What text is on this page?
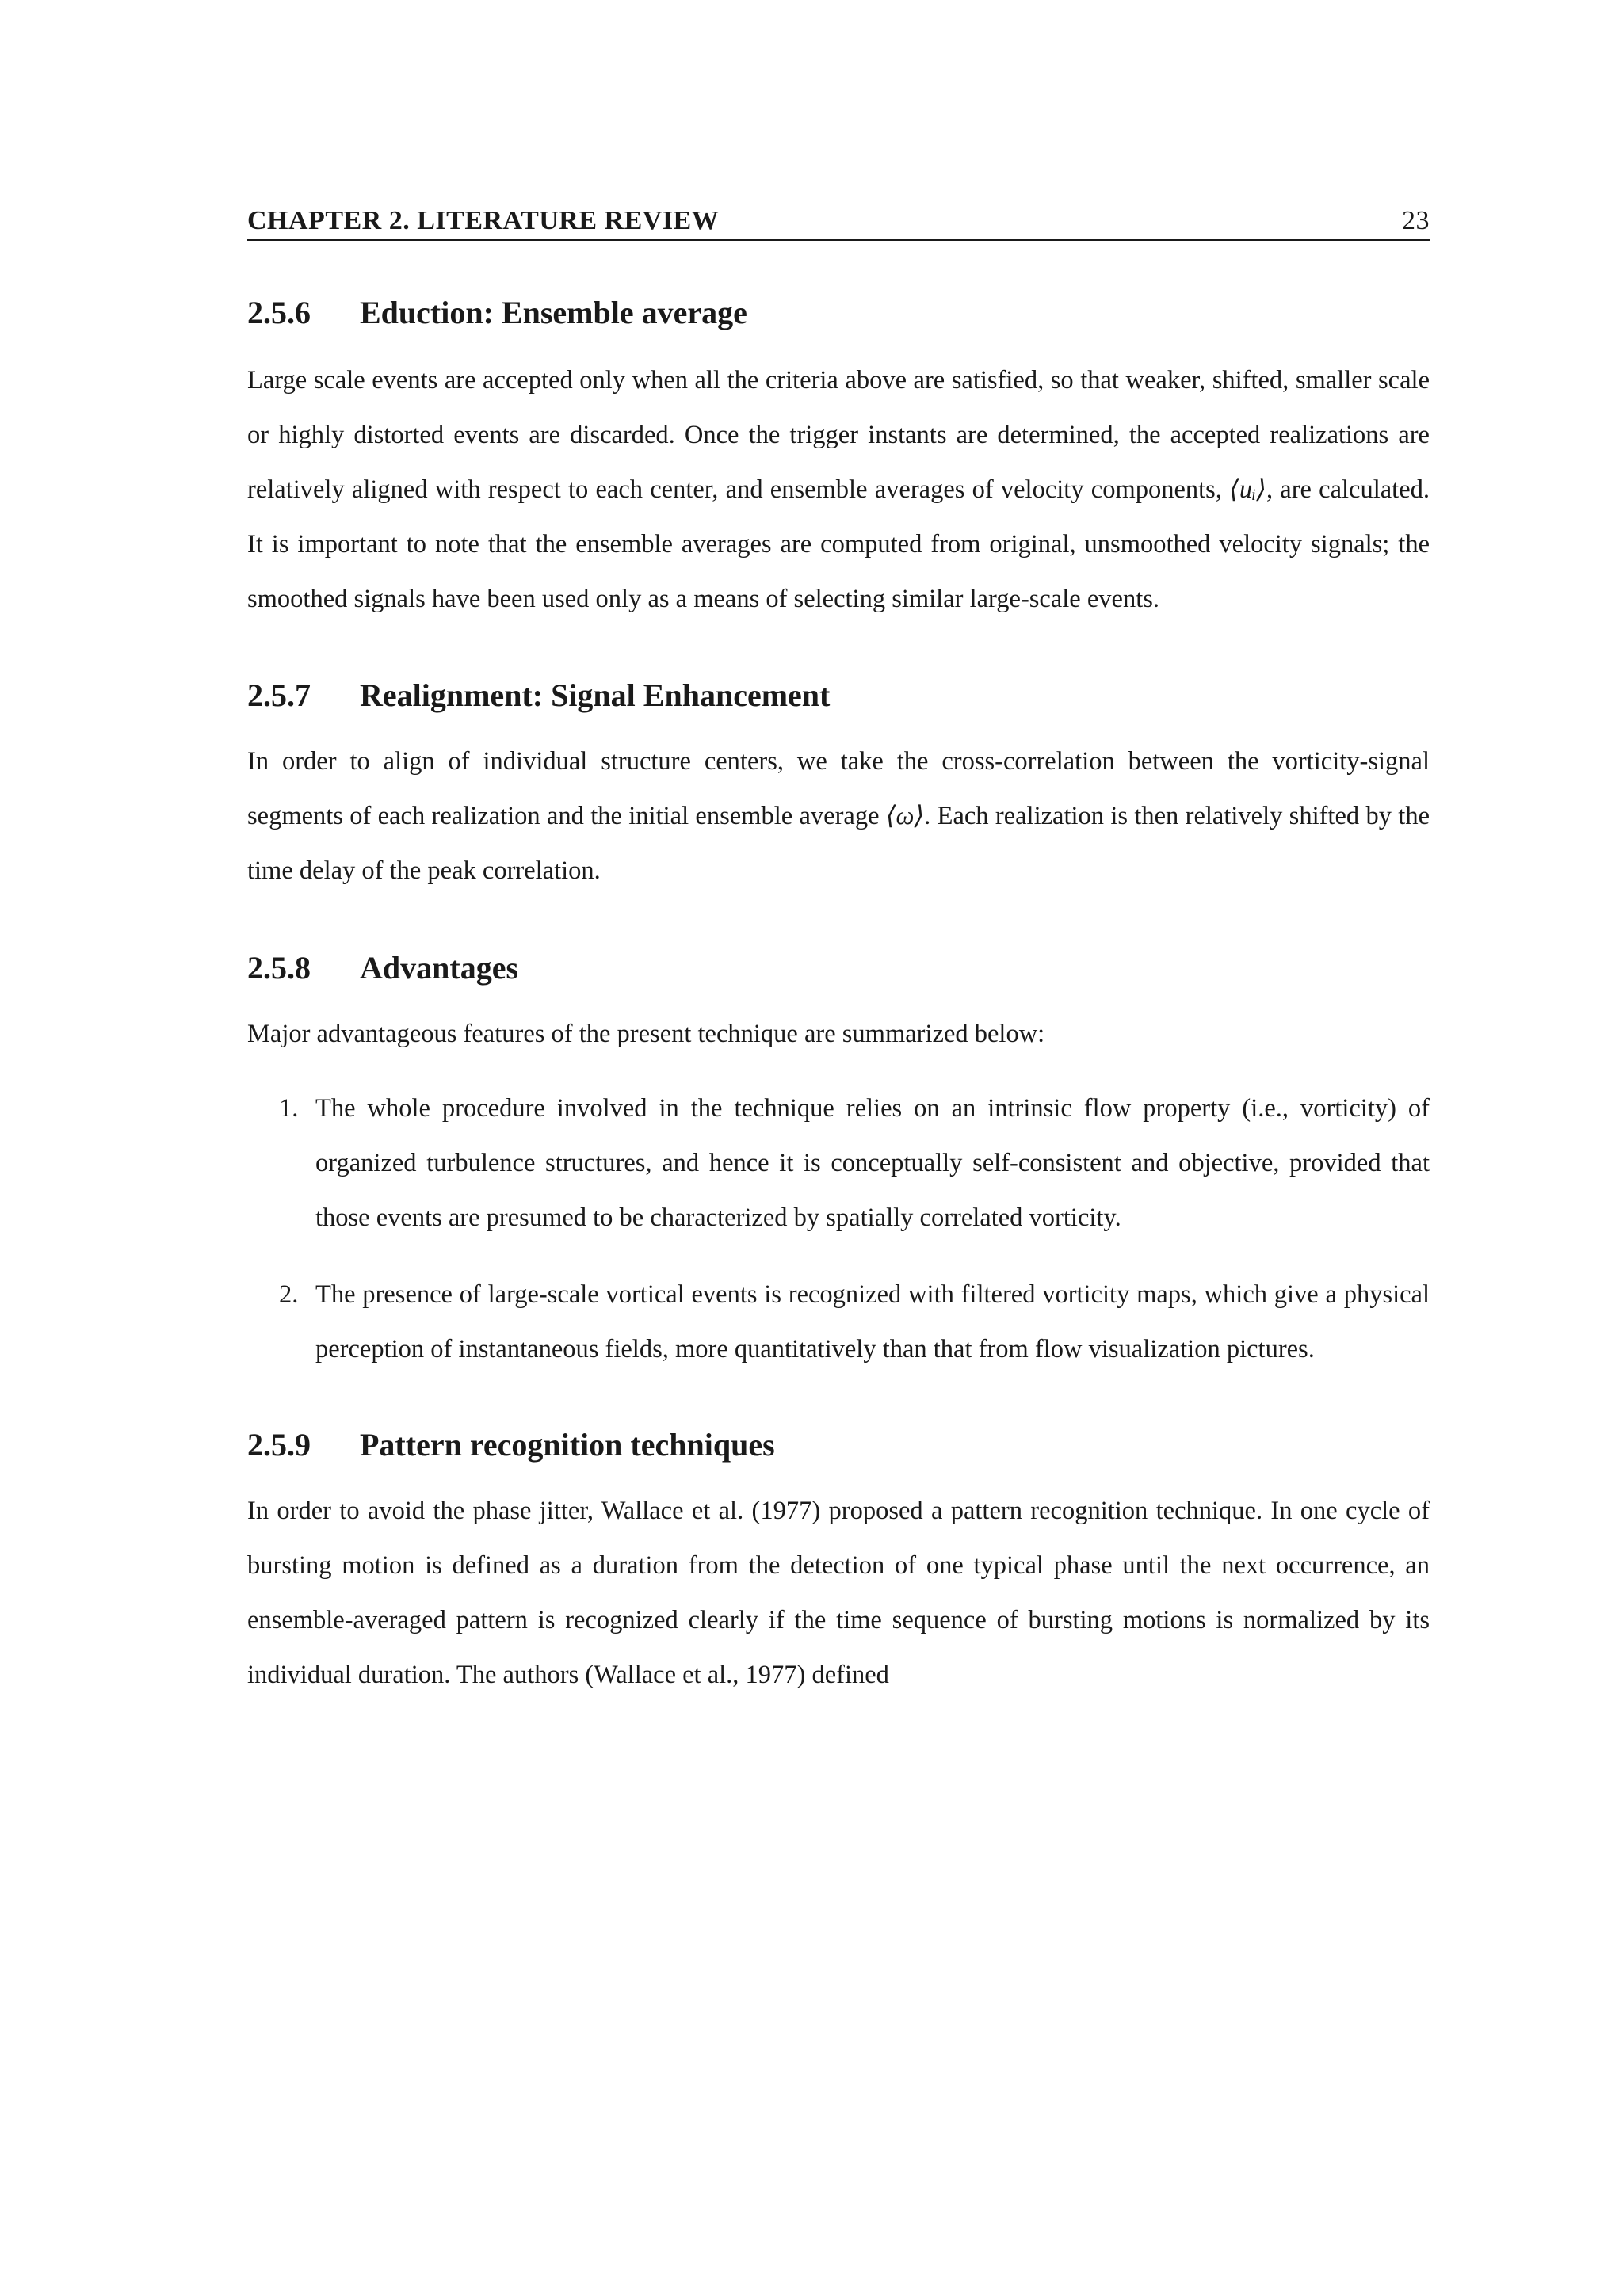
CHAPTER 2. LITERATURE REVIEW	23
2.5.6 Eduction: Ensemble average

Large scale events are accepted only when all the criteria above are satisfied, so that weaker, shifted, smaller scale or highly distorted events are discarded. Once the trigger instants are determined, the accepted realizations are relatively aligned with respect to each center, and ensemble averages of velocity components, ⟨uᵢ⟩, are calculated. It is important to note that the ensemble averages are computed from original, unsmoothed velocity signals; the smoothed signals have been used only as a means of selecting similar large-scale events.

2.5.7 Realignment: Signal Enhancement

In order to align of individual structure centers, we take the cross-correlation between the vorticity-signal segments of each realization and the initial ensemble average ⟨ω⟩. Each realization is then relatively shifted by the time delay of the peak correlation.

2.5.8 Advantages

Major advantageous features of the present technique are summarized below:

1. The whole procedure involved in the technique relies on an intrinsic flow property (i.e., vorticity) of organized turbulence structures, and hence it is conceptually self-consistent and objective, provided that those events are presumed to be characterized by spatially correlated vorticity.
2. The presence of large-scale vortical events is recognized with filtered vorticity maps, which give a physical perception of instantaneous fields, more quantitatively than that from flow visualization pictures.
2.5.9 Pattern recognition techniques

In order to avoid the phase jitter, Wallace et al. (1977) proposed a pattern recognition technique. In one cycle of bursting motion is defined as a duration from the detection of one typical phase until the next occurrence, an ensemble-averaged pattern is recognized clearly if the time sequence of bursting motions is normalized by its individual duration. The authors (Wallace et al., 1977) defined
